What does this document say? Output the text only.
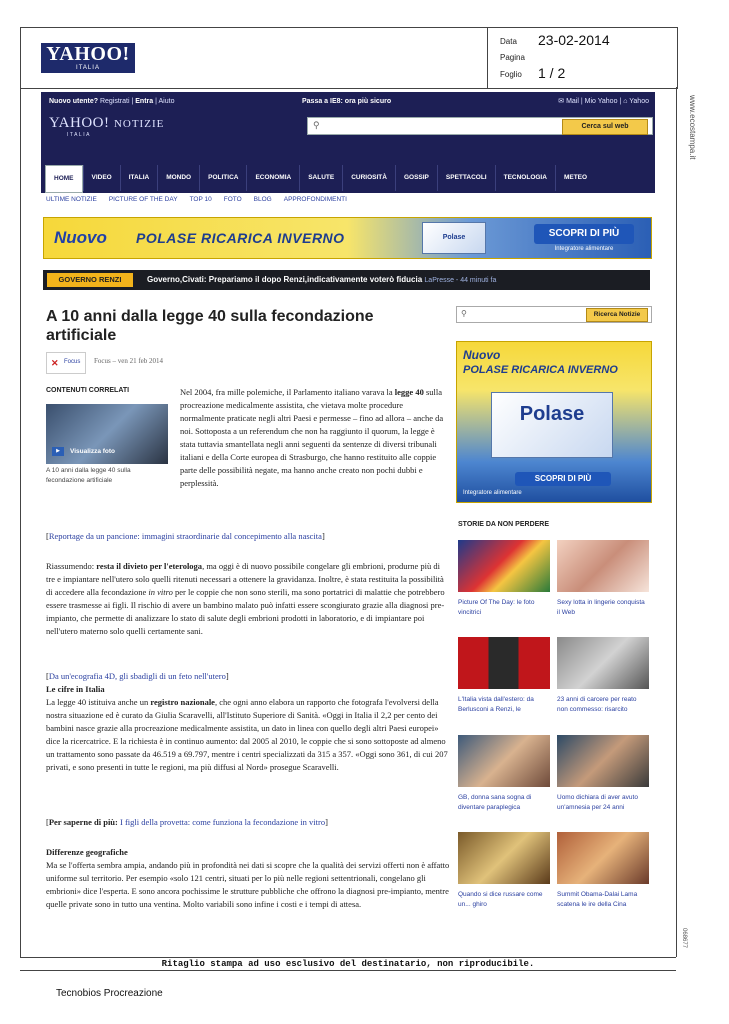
YAHOO!
ITALIA
Data 23-02-2014
Pagina
Foglio 1 / 2
www.ecostampa.it
068677
Nuovo utente? Registrati | Entra | Aiuto	Passa a IE8: ora più sicuro	✉ Mail | Mio Yahoo | ⌂ Yahoo
YAHOO! NOTIZIE
ITALIA
⚲	Cerca sul web
HOME	VIDEO	ITALIA	MONDO	POLITICA	ECONOMIA	SALUTE	CURIOSITÀ	GOSSIP	SPETTACOLI	TECNOLOGIA	METEO
ULTIME NOTIZIE PICTURE OF THE DAY TOP 10 FOTO BLOG APPROFONDIMENTI
Nuovo POLASE RICARICA INVERNO	Polase	SCOPRI DI PIÙ
Integratore alimentare
GOVERNO RENZI	Governo,Civati: Prepariamo il dopo Renzi,indicativamente voterò fiducia LaPresse - 44 minuti fa
A 10 anni dalla legge 40 sulla fecondazione artificiale
✕ Focus Focus – ven 21 feb 2014
CONTENUTI CORRELATI
▶	Visualizza foto
A 10 anni dalla legge 40 sulla fecondazione artificiale
Nel 2004, fra mille polemiche, il Parlamento italiano varava la legge 40 sulla procreazione medicalmente assistita, che vietava molte procedure normalmente praticate negli altri Paesi e permesse – fino ad allora – anche da noi. Sottoposta a un referendum che non ha raggiunto il quorum, la legge è stata tuttavia smantellata negli anni seguenti da sentenze di diversi tribunali italiani e della Corte europea di Strasburgo, che hanno restituito alle coppie parte delle possibilità negate, ma hanno anche creato non pochi dubbi e perplessità.
[Reportage da un pancione: immagini straordinarie dal concepimento alla nascita]
Riassumendo: resta il divieto per l'eterologa, ma oggi è di nuovo possibile congelare gli embrioni, produrne più di tre e impiantare nell'utero solo quelli ritenuti necessari a ottenere la gravidanza. Inoltre, è stata restituita la possibilità di accedere alla fecondazione in vitro per le coppie che non sono sterili, ma sono portatrici di malattie che potrebbero essere trasmesse ai figli. Il rischio di avere un bambino malato può infatti essere scongiurato grazie alla diagnosi pre-impianto, che permette di analizzare lo stato di salute degli embrioni prodotti in laboratorio, e di impiantare poi nell'utero materno solo quelli certamente sani.
[Da un'ecografia 4D, gli sbadigli di un feto nell'utero]
Le cifre in Italia
La legge 40 istituiva anche un registro nazionale, che ogni anno elabora un rapporto che fotografa l'evolversi della nostra situazione ed è curato da Giulia Scaravelli, all'Istituto Superiore di Sanità. «Oggi in Italia il 2,2 per cento dei bambini nasce grazie alla procreazione medicalmente assistita, un dato in linea con quello degli altri Paesi europei» dice la ricercatrice. E la richiesta è in continuo aumento: dal 2005 al 2010, le coppie che si sono sottoposte ad almeno un trattamento sono passate da 46.519 a 69.797, mentre i centri specializzati da 315 a 357. «Oggi sono 361, di cui 207 privati, e sono presenti in tutte le regioni, ma più diffusi al Nord» prosegue Scaravelli.
[Per saperne di più: I figli della provetta: come funziona la fecondazione in vitro]
Differenze geografiche
Ma se l'offerta sembra ampia, andando più in profondità nei dati si scopre che la qualità dei servizi offerti non è affatto uniforme sul territorio. Per esempio «solo 121 centri, situati per lo più nelle regioni settentrionali, congelano gli embrioni» dice l'esperta. E sono ancora pochissime le strutture pubbliche che offrono la diagnosi pre-impianto, mentre quelle private sono in tutto una ventina. Molto variabili sono infine i costi e i tempi di attesa.
⚲	Ricerca Notizie
Nuovo
POLASE RICARICA INVERNO
Polase
SCOPRI DI PIÙ
Integratore alimentare
STORIE DA NON PERDERE
Picture Of The Day: le foto vincitrici
Sexy lotta in lingerie conquista il Web
L'Italia vista dall'estero: da Berlusconi a Renzi, le
23 anni di carcere per reato non commesso: risarcito
GB, donna sana sogna di diventare paraplegica
Uomo dichiara di aver avuto un'amnesia per 24 anni
Quando si dice russare come un... ghiro
Summit Obama-Dalai Lama scatena le ire della Cina
Ritaglio stampa ad uso esclusivo del destinatario, non riproducibile.
Tecnobios Procreazione
